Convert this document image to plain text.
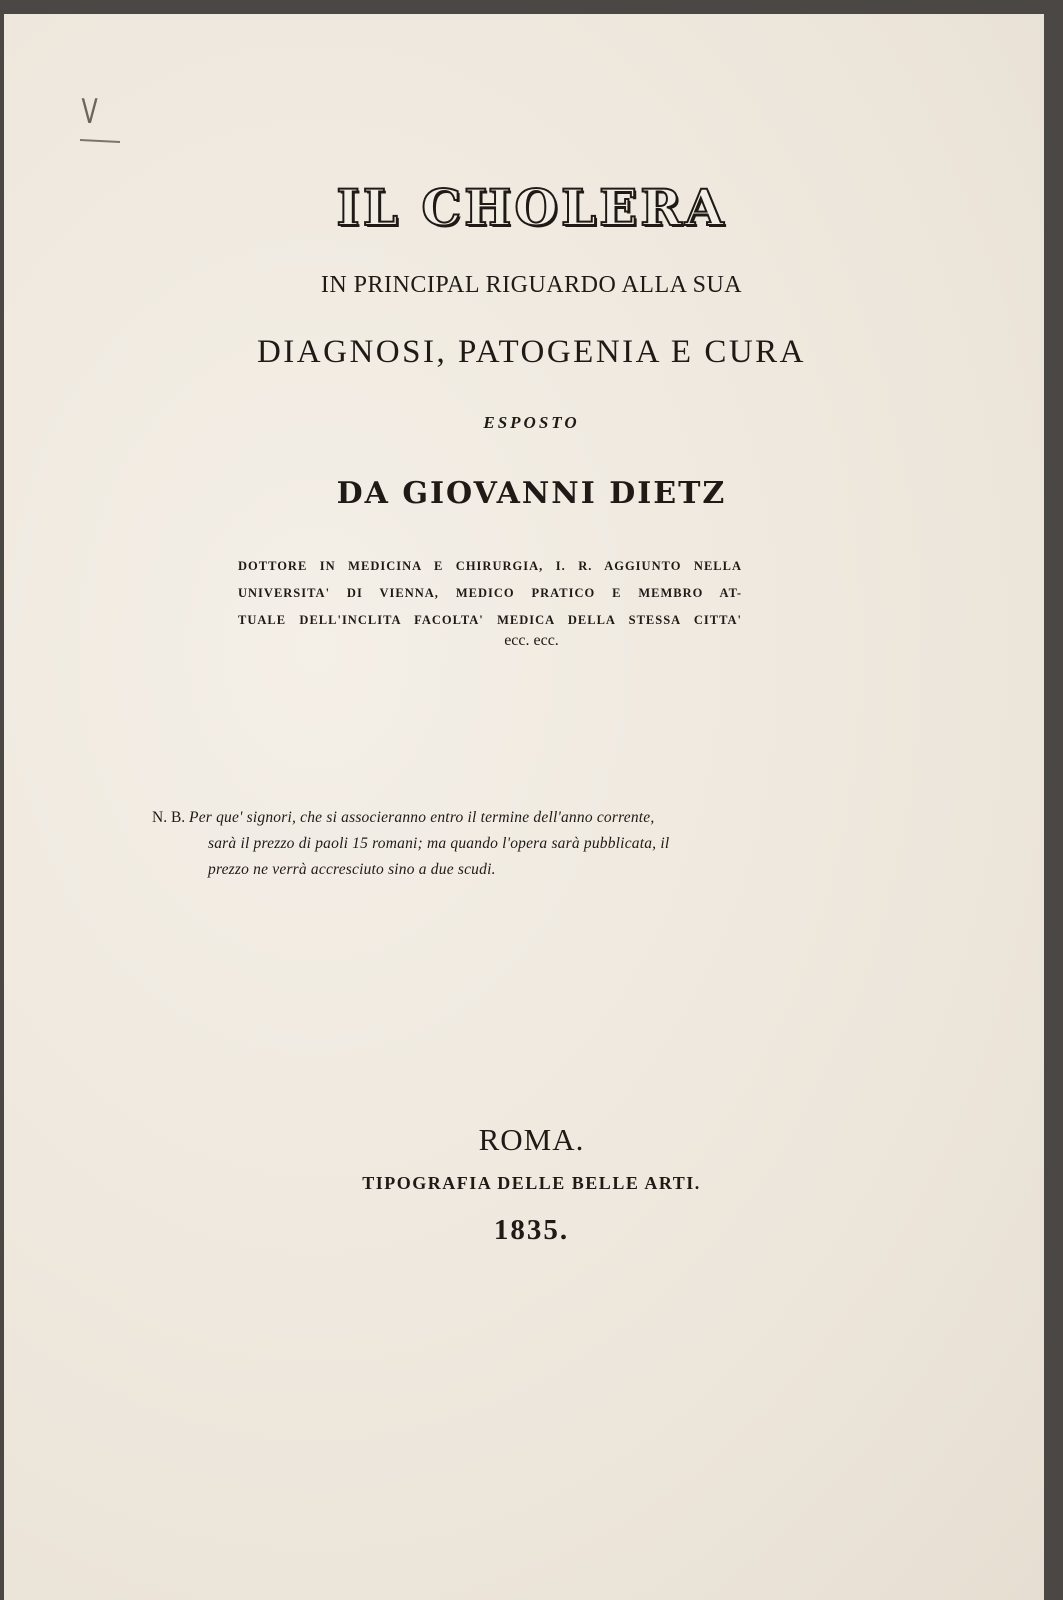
V
IL CHOLERA
IN PRINCIPAL RIGUARDO ALLA SUA
DIAGNOSI, PATOGENIA E CURA
ESPOSTO
DA GIOVANNI DIETZ
DOTTORE IN MEDICINA E CHIRURGIA, I. R. AGGIUNTO NELLA
UNIVERSITA' DI VIENNA, MEDICO PRATICO E MEMBRO AT-
TUALE DELL'INCLITA FACOLTA' MEDICA DELLA STESSA CITTA'
ecc. ecc.
N. B. Per que' signori, che si associeranno entro il termine dell'anno corrente,
sarà il prezzo di paoli 15 romani; ma quando l'opera sarà pubblicata, il
prezzo ne verrà accresciuto sino a due scudi.
ROMA.
TIPOGRAFIA DELLE BELLE ARTI.
1835.
